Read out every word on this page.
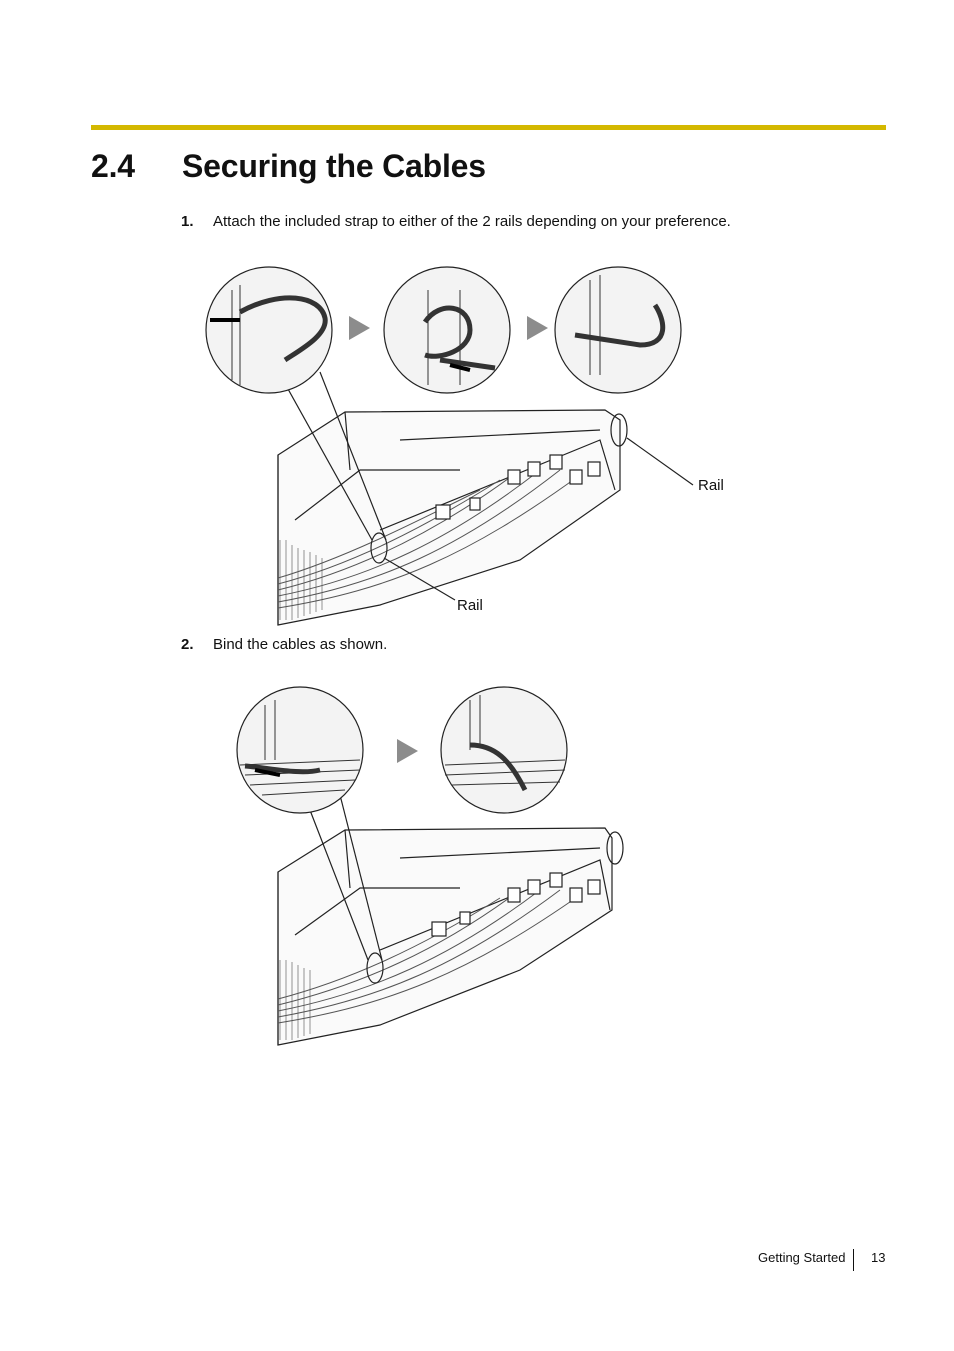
2.4 Securing the Cables
1. Attach the included strap to either of the 2 rails depending on your preference.
Rail
Rail
2. Bind the cables as shown.
Getting Started 13
